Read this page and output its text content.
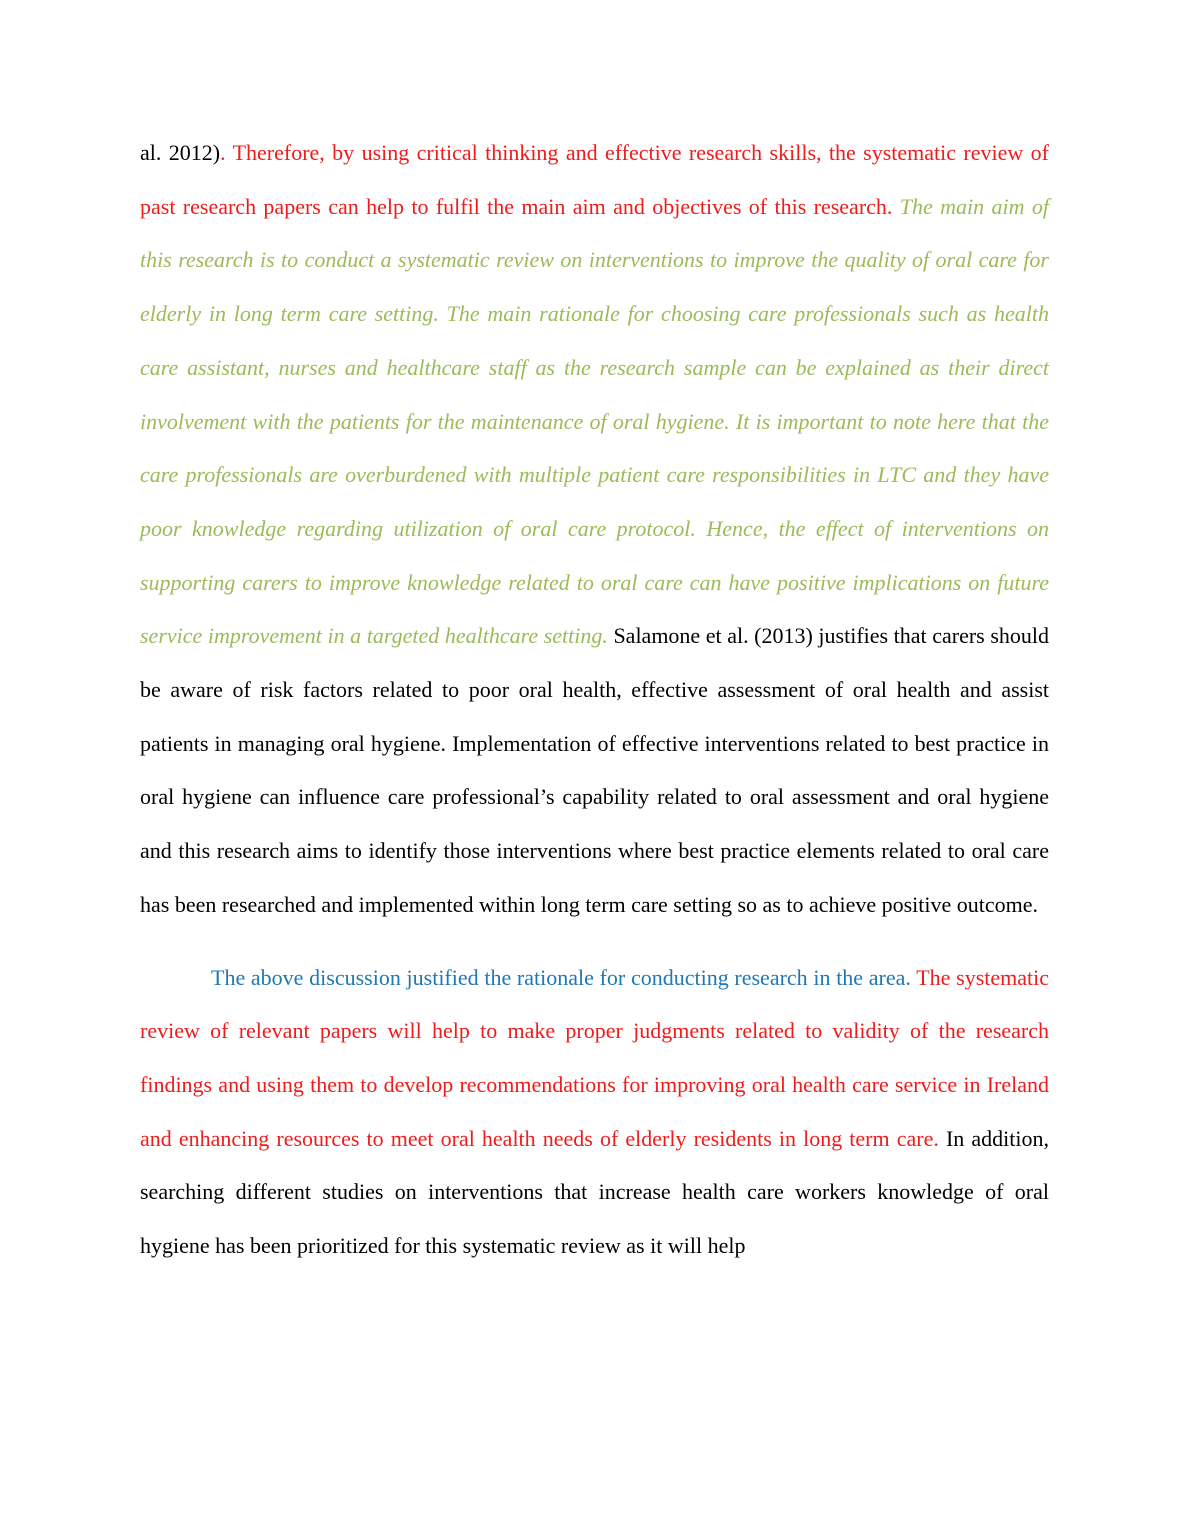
al. 2012). Therefore, by using critical thinking and effective research skills, the systematic review of past research papers can help to fulfil the main aim and objectives of this research. The main aim of this research is to conduct a systematic review on interventions to improve the quality of oral care for elderly in long term care setting. The main rationale for choosing care professionals such as health care assistant, nurses and healthcare staff as the research sample can be explained as their direct involvement with the patients for the maintenance of oral hygiene. It is important to note here that the care professionals are overburdened with multiple patient care responsibilities in LTC and they have poor knowledge regarding utilization of oral care protocol. Hence, the effect of interventions on supporting carers to improve knowledge related to oral care can have positive implications on future service improvement in a targeted healthcare setting. Salamone et al. (2013) justifies that carers should be aware of risk factors related to poor oral health, effective assessment of oral health and assist patients in managing oral hygiene. Implementation of effective interventions related to best practice in oral hygiene can influence care professional’s capability related to oral assessment and oral hygiene and this research aims to identify those interventions where best practice elements related to oral care has been researched and implemented within long term care setting so as to achieve positive outcome.

The above discussion justified the rationale for conducting research in the area. The systematic review of relevant papers will help to make proper judgments related to validity of the research findings and using them to develop recommendations for improving oral health care service in Ireland and enhancing resources to meet oral health needs of elderly residents in long term care. In addition, searching different studies on interventions that increase health care workers knowledge of oral hygiene has been prioritized for this systematic review as it will help
